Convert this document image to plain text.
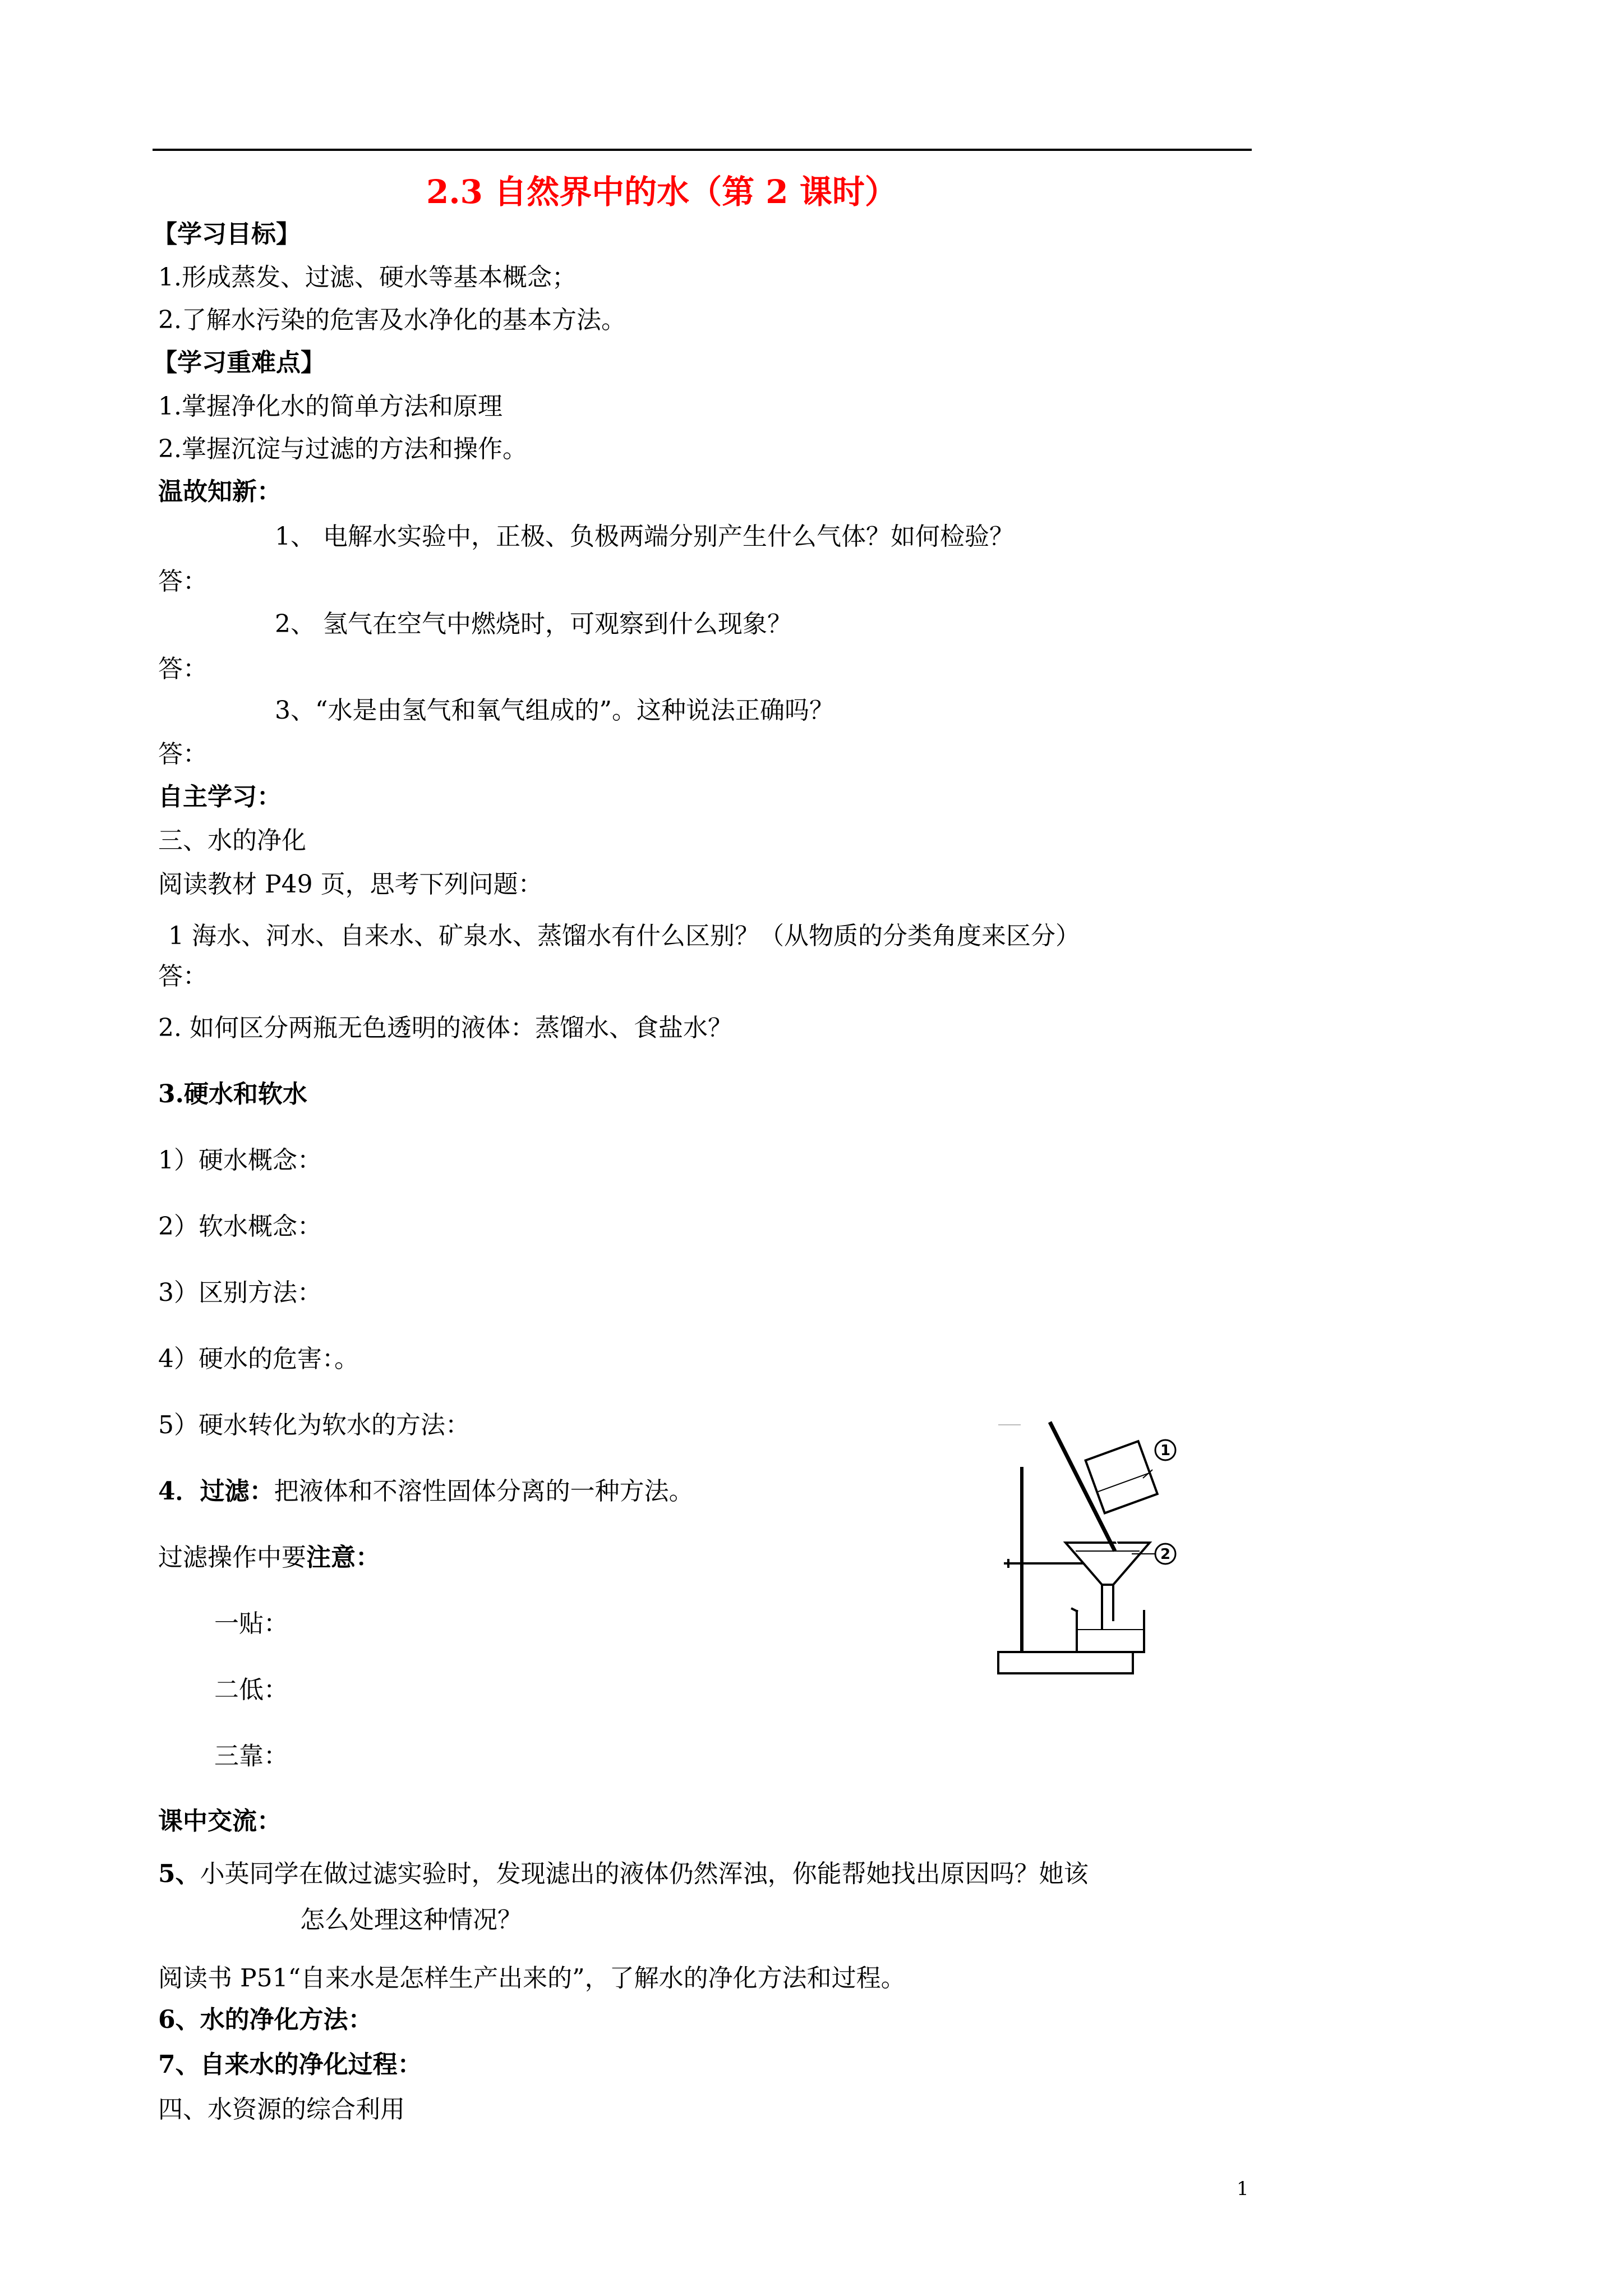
2.3 自然界中的水（第 2 课时）
【学习目标】
1.形成蒸发、过滤、硬水等基本概念；
2.了解水污染的危害及水净化的基本方法。
【学习重难点】
1.掌握净化水的简单方法和原理
2.掌握沉淀与过滤的方法和操作。
温故知新：
1、 电解水实验中，正极、负极两端分别产生什么气体？如何检验？
答：
2、 氢气在空气中燃烧时，可观察到什么现象？
答：
3、“水是由氢气和氧气组成的”。这种说法正确吗？
答：
自主学习：
三、水的净化
阅读教材 P49 页，思考下列问题：
1 海水、河水、自来水、矿泉水、蒸馏水有什么区别？（从物质的分类角度来区分）
答：
2. 如何区分两瓶无色透明的液体：蒸馏水、食盐水？
3.硬水和软水
1）硬水概念：
2）软水概念：
3）区别方法：
4）硬水的危害：。
5）硬水转化为软水的方法：
4．过滤：把液体和不溶性固体分离的一种方法。
过滤操作中要注意：
一贴：
二低：
三靠：
课中交流：
5、小英同学在做过滤实验时，发现滤出的液体仍然浑浊，你能帮她找出原因吗？她该
怎么处理这种情况？
阅读书 P51“自来水是怎样生产出来的”，了解水的净化方法和过程。
6、水的净化方法：
7、自来水的净化过程：
四、水资源的综合利用
1
2
1
